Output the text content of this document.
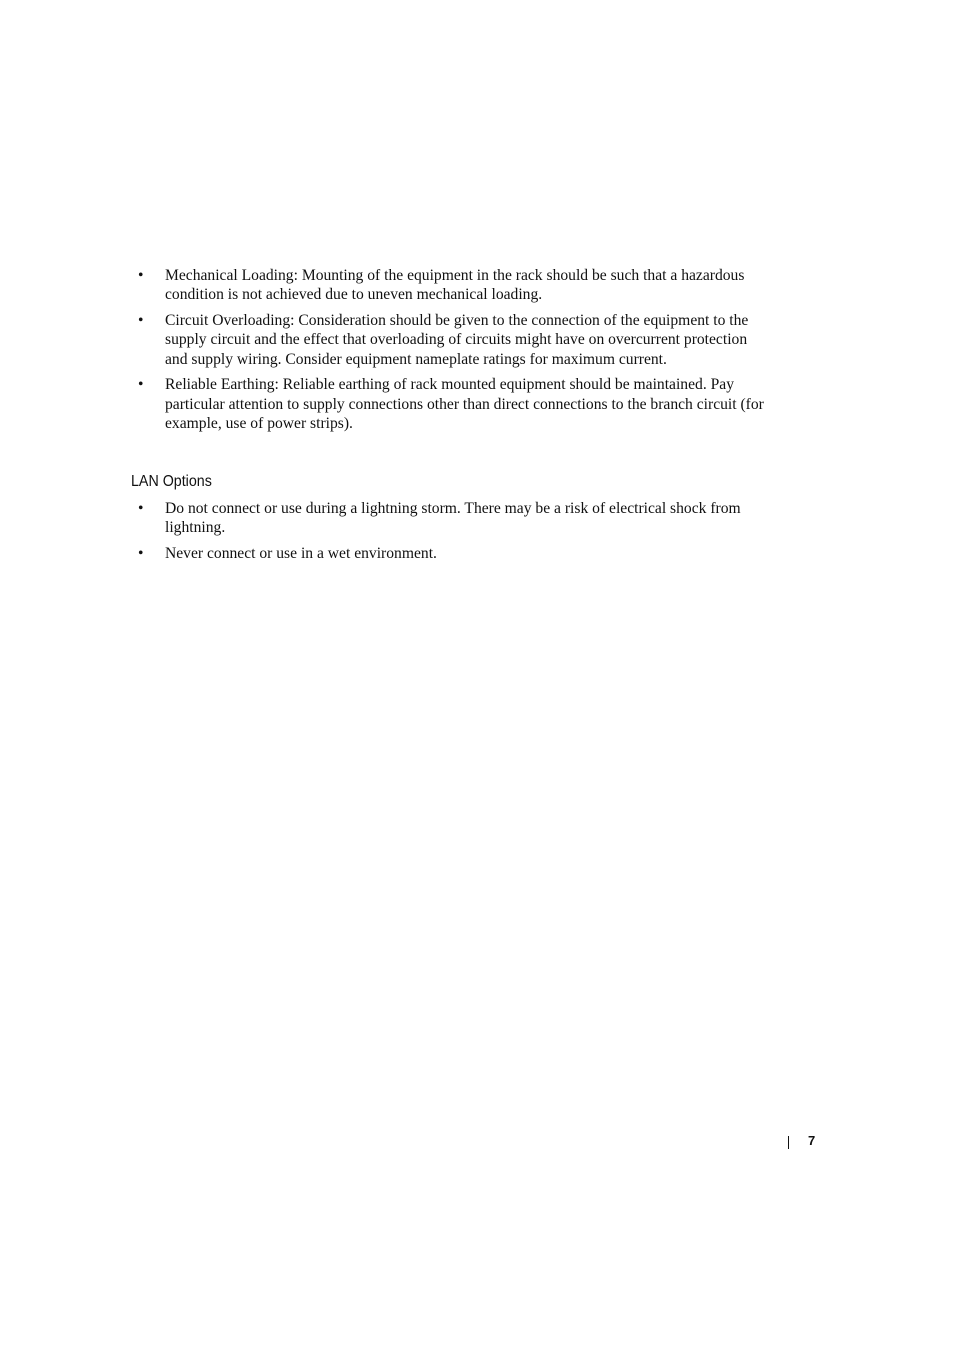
• Mechanical Loading: Mounting of the equipment in the rack should be such that a hazardous condition is not achieved due to uneven mechanical loading.
• Circuit Overloading: Consideration should be given to the connection of the equipment to the supply circuit and the effect that overloading of circuits might have on overcurrent protection and supply wiring. Consider equipment nameplate ratings for maximum current.
• Reliable Earthing: Reliable earthing of rack mounted equipment should be maintained. Pay particular attention to supply connections other than direct connections to the branch circuit (for example, use of power strips).
LAN Options
• Do not connect or use during a lightning storm. There may be a risk of electrical shock from lightning.
• Never connect or use in a wet environment.
7
